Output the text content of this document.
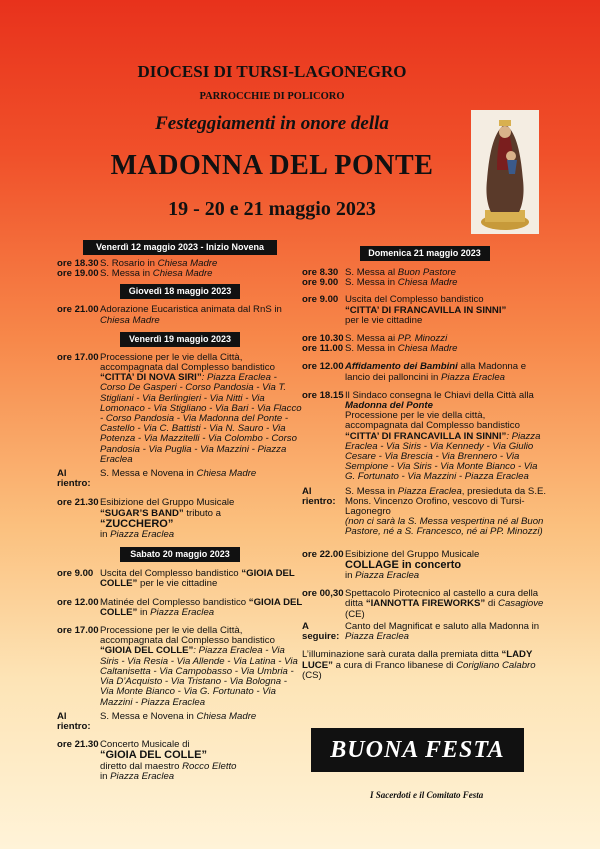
DIOCESI DI TURSI-LAGONEGRO
PARROCCHIE DI POLICORO
Festeggiamenti in onore della
MADONNA DEL PONTE
19 - 20 e 21 maggio 2023
Venerdì 12 maggio 2023 - Inizio Novena
ore 18.30 S. Rosario in Chiesa Madre
ore 19.00 S. Messa in Chiesa Madre
Giovedì 18 maggio 2023
ore 21.00 Adorazione Eucaristica animata dal RnS in Chiesa Madre
Venerdì 19 maggio 2023
ore 17.00 Processione per le vie della Città, accompagnata dal Complesso bandistico “CITTA’ DI NOVA SIRI”: Piazza Eraclea - Corso De Gasperi - Corso Pandosia - Via T. Stigliani - Via Berlingieri - Via Nitti - Via Lomonaco - Via Stigliano - Via Bari - Via Flacco - Corso Pandosia - Via Madonna del Ponte - Castello - Via C. Battisti - Via N. Sauro - Via Potenza - Via Mazzitelli - Via Colombo - Corso Pandosia - Via Puglia - Via Mazzini - Piazza Eraclea
Al rientro:
S. Messa e Novena in Chiesa Madre
ore 21.30 Esibizione del Gruppo Musicale
“SUGAR’S BAND” tributo a
“ZUCCHERO”
in Piazza Eraclea
Sabato 20 maggio 2023
ore 9.00 Uscita del Complesso bandistico “GIOIA DEL COLLE” per le vie cittadine
ore 12.00 Matinée del Complesso bandistico “GIOIA DEL COLLE” in Piazza Eraclea
ore 17.00 Processione per le vie della Città, accompagnata dal Complesso bandistico “GIOIA DEL COLLE”: Piazza Eraclea - Via Siris - Via Resia - Via Allende - Via Latina - Via Caltanisetta - Via Campobasso - Via Umbria - Via D’Acquisto - Via Tristano - Via Bologna - Via Monte Bianco - Via G. Fortunato - Via Mazzini - Piazza Eraclea
Al rientro:
S. Messa e Novena in Chiesa Madre
ore 21.30 Concerto Musicale di
“GIOIA DEL COLLE”
diretto dal maestro Rocco Eletto
in Piazza Eraclea
Domenica 21 maggio 2023
ore 8.30 S. Messa al Buon Pastore
ore 9.00 S. Messa in Chiesa Madre
ore 9.00 Uscita del Complesso bandistico
“CITTA’ DI FRANCAVILLA IN SINNI”
per le vie cittadine
ore 10.30 S. Messa ai PP. Minozzi
ore 11.00 S. Messa in Chiesa Madre
ore 12.00 Affidamento dei Bambini alla Madonna e lancio dei palloncini in Piazza Eraclea
ore 18.15 Il Sindaco consegna le Chiavi della Città alla Madonna del Ponte
Processione per le vie della città, accompagnata dal Complesso bandistico “CITTA’ DI FRANCAVILLA IN SINNI”: Piazza Eraclea - Via Siris - Via Kennedy - Via Giulio Cesare - Via Brescia - Via Brennero - Via Sempione - Via Siris - Via Monte Bianco - Via G. Fortunato - Via Mazzini - Piazza Eraclea
Al rientro:
S. Messa in Piazza Eraclea, presieduta da S.E. Mons. Vincenzo Orofino, vescovo di Tursi-Lagonegro
(non ci sarà la S. Messa vespertina né al Buon Pastore, né a S. Francesco, né ai PP. Minozzi)
ore 22.00 Esibizione del Gruppo Musicale
COLLAGE in concerto
in Piazza Eraclea
ore 00,30 Spettacolo Pirotecnico al castello a cura della ditta “IANNOTTA FIREWORKS” di Casagiove (CE)
A seguire:
Canto del Magnificat e saluto alla Madonna in Piazza Eraclea
L’illuminazione sarà curata dalla premiata ditta “LADY LUCE” a cura di Franco libanese di Corigliano Calabro (CS)
BUONA FESTA
I Sacerdoti e il Comitato Festa
